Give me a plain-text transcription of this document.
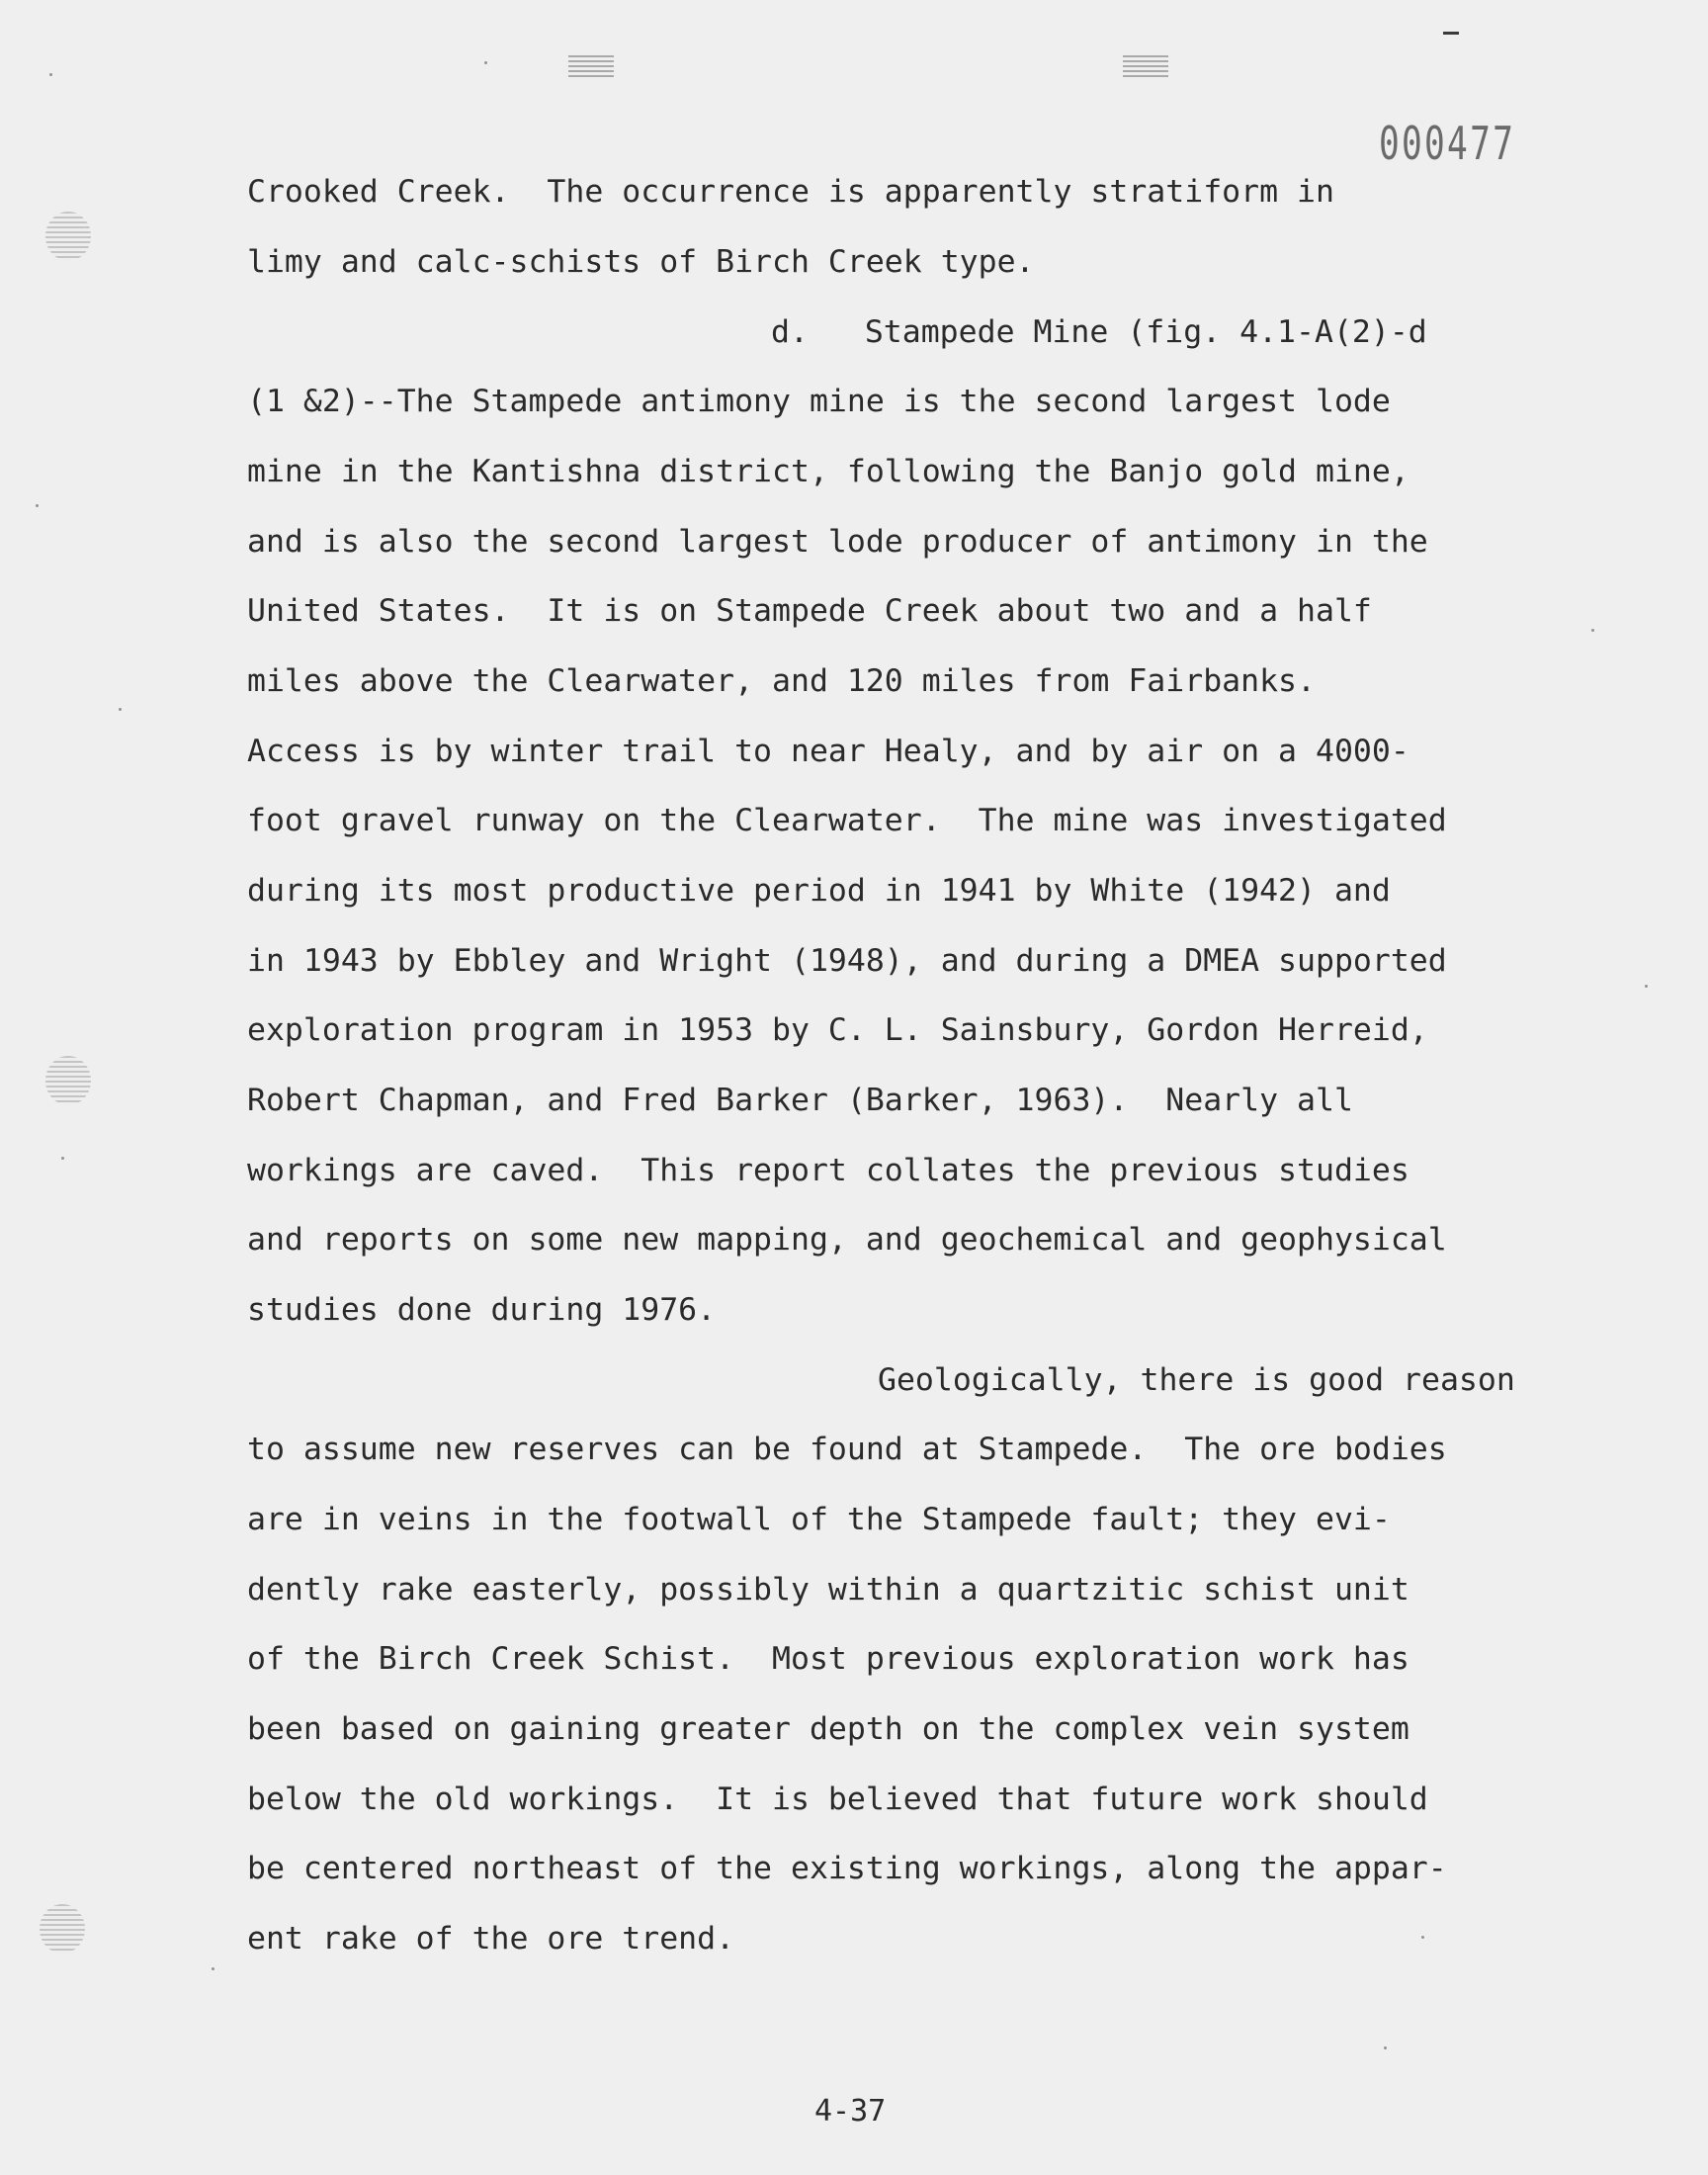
000477
Crooked Creek.  The occurrence is apparently stratiform in
limy and calc-schists of Birch Creek type.
d.   Stampede Mine (fig. 4.1-A(2)-d
(1 &2)--The Stampede antimony mine is the second largest lode
mine in the Kantishna district, following the Banjo gold mine,
and is also the second largest lode producer of antimony in the
United States.  It is on Stampede Creek about two and a half
miles above the Clearwater, and 120 miles from Fairbanks.
Access is by winter trail to near Healy, and by air on a 4000-
foot gravel runway on the Clearwater.  The mine was investigated
during its most productive period in 1941 by White (1942) and
in 1943 by Ebbley and Wright (1948), and during a DMEA supported
exploration program in 1953 by C. L. Sainsbury, Gordon Herreid,
Robert Chapman, and Fred Barker (Barker, 1963).  Nearly all
workings are caved.  This report collates the previous studies
and reports on some new mapping, and geochemical and geophysical
studies done during 1976.
Geologically, there is good reason
to assume new reserves can be found at Stampede.  The ore bodies
are in veins in the footwall of the Stampede fault; they evi-
dently rake easterly, possibly within a quartzitic schist unit
of the Birch Creek Schist.  Most previous exploration work has
been based on gaining greater depth on the complex vein system
below the old workings.  It is believed that future work should
be centered northeast of the existing workings, along the appar-
ent rake of the ore trend.
4-37
